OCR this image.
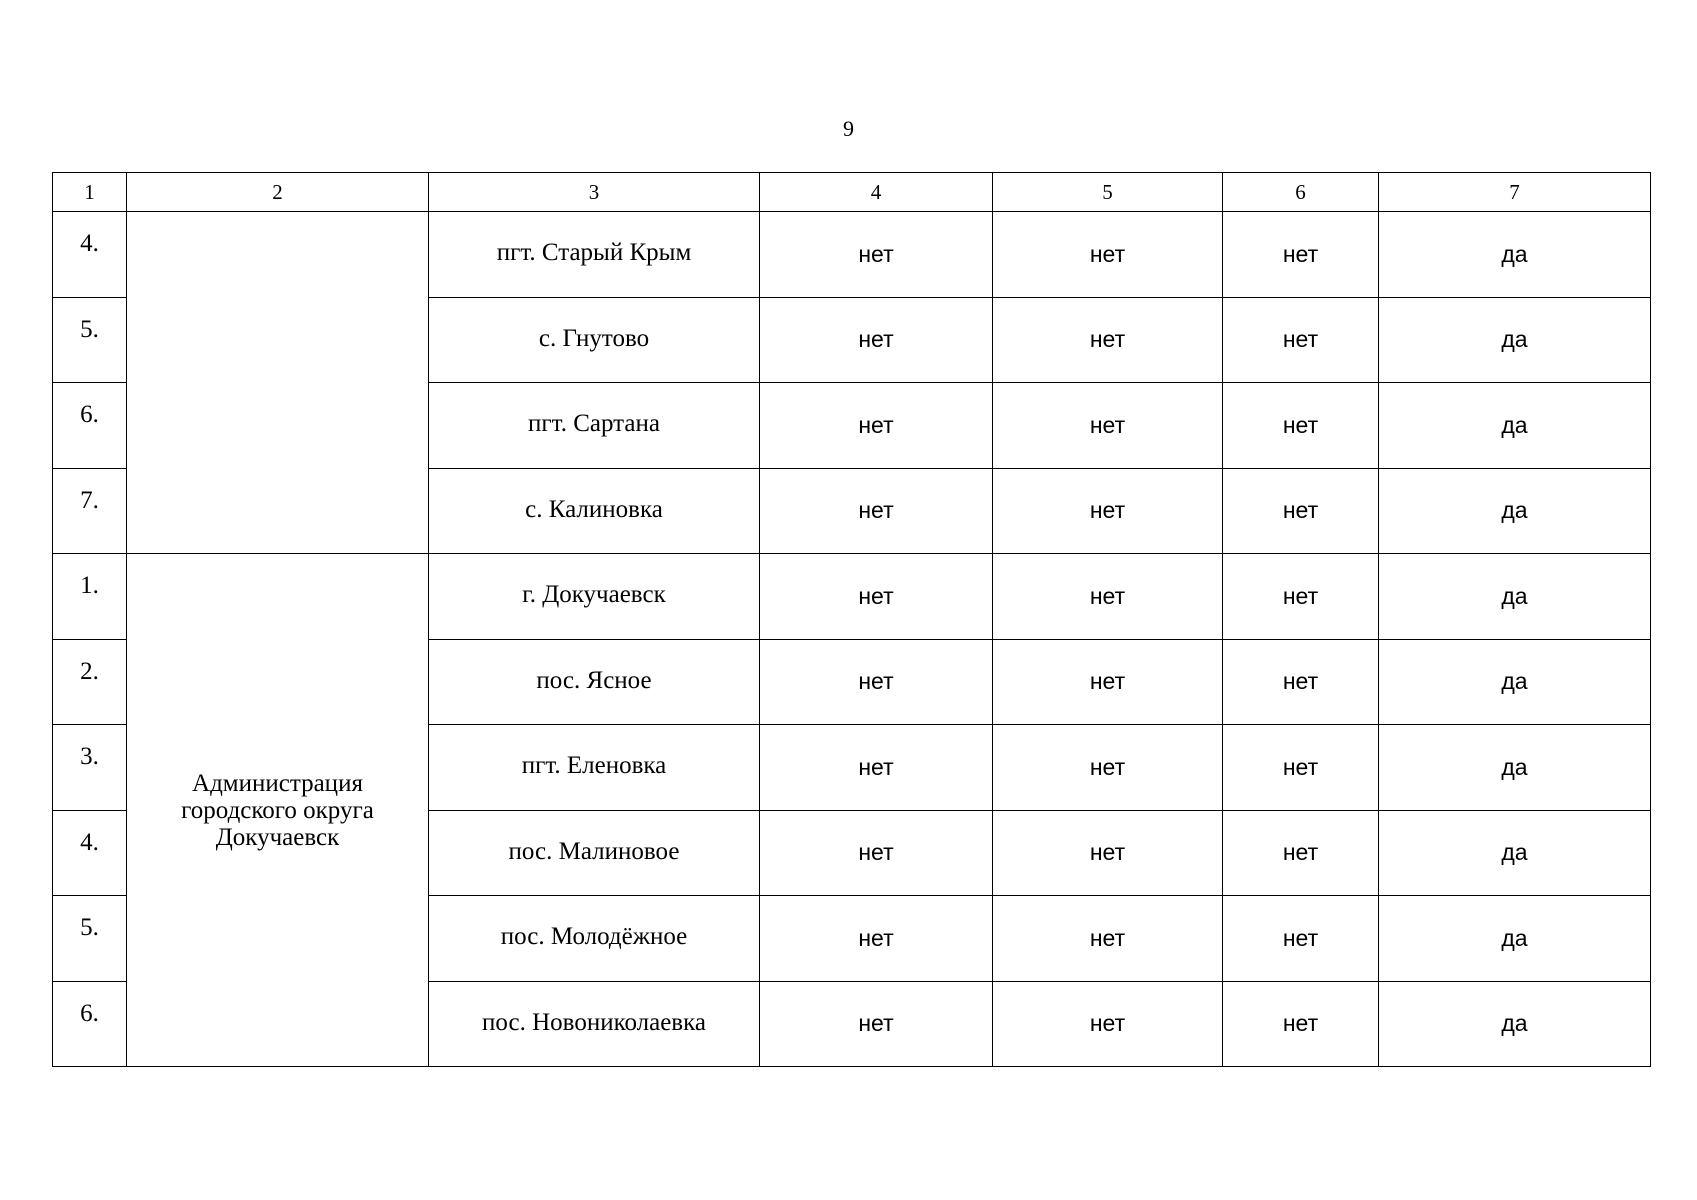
9
1	2	3	4	5	6	7
4.		пгт. Старый Крым	нет	нет	нет	да
5.		с. Гнутово	нет	нет	нет	да
6.		пгт. Сартана	нет	нет	нет	да
7.		с. Калиновка	нет	нет	нет	да
1.	Администрация городского округа Докучаевск	г. Докучаевск	нет	нет	нет	да
2.		пос. Ясное	нет	нет	нет	да
3.		пгт. Еленовка	нет	нет	нет	да
4.		пос. Малиновое	нет	нет	нет	да
5.		пос. Молодёжное	нет	нет	нет	да
6.		пос. Новониколаевка	нет	нет	нет	да
